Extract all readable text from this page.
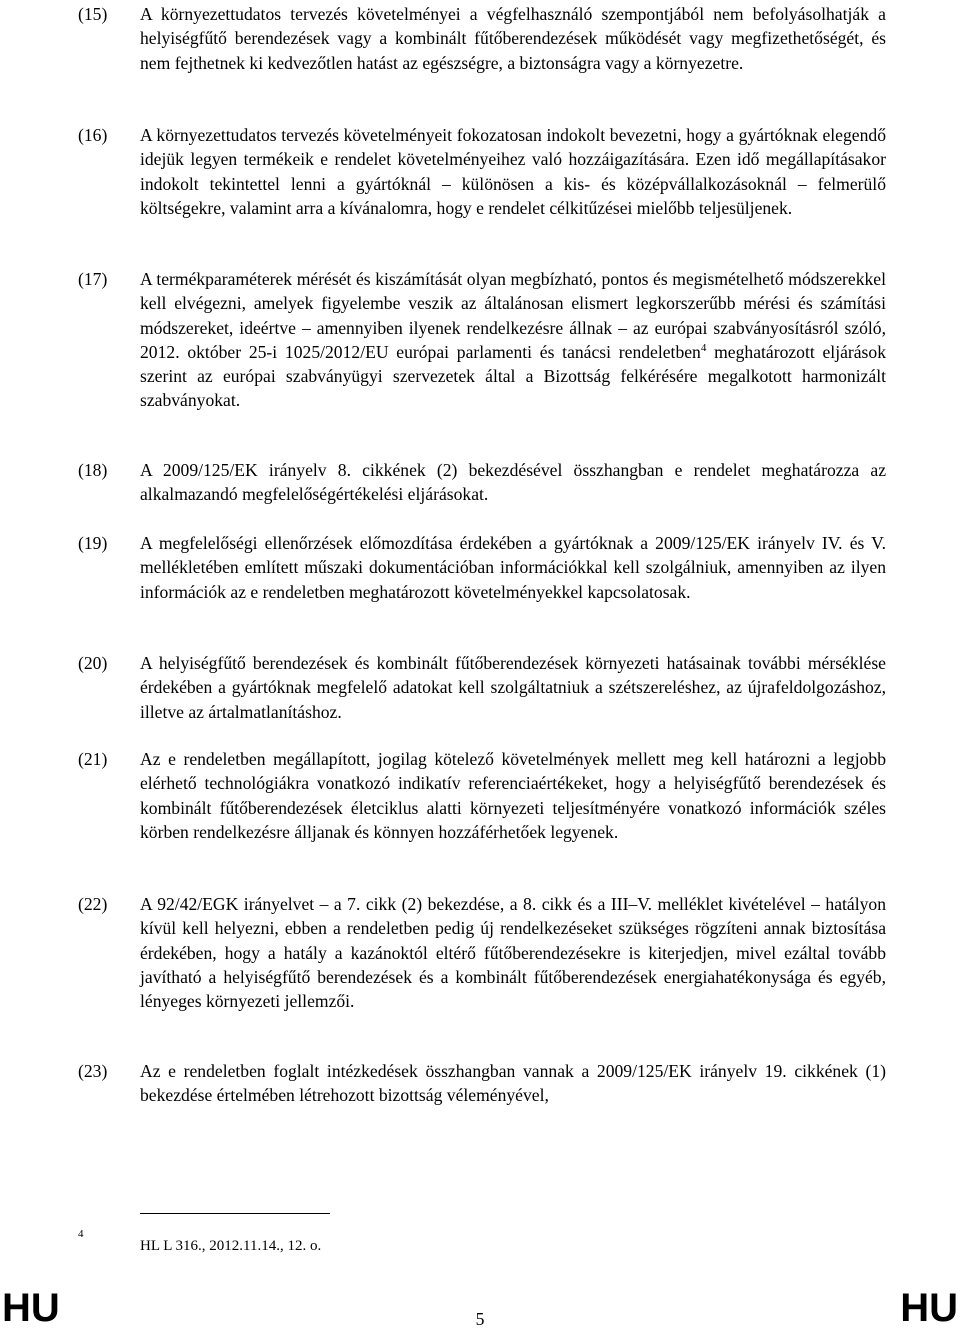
(15)	A környezettudatos tervezés követelményei a végfelhasználó szempontjából nem befolyásolhatják a helyiségfűtő berendezések vagy a kombinált fűtőberendezések működését vagy megfizethetőségét, és nem fejthetnek ki kedvezőtlen hatást az egészségre, a biztonságra vagy a környezetre.
(16)	A környezettudatos tervezés követelményeit fokozatosan indokolt bevezetni, hogy a gyártóknak elegendő idejük legyen termékeik e rendelet követelményeihez való hozzáigazítására. Ezen idő megállapításakor indokolt tekintettel lenni a gyártóknál – különösen a kis- és középvállalkozásoknál – felmerülő költségekre, valamint arra a kívánalomra, hogy e rendelet célkitűzései mielőbb teljesüljenek.
(17)	A termékparaméterek mérését és kiszámítását olyan megbízható, pontos és megismételhető módszerekkel kell elvégezni, amelyek figyelembe veszik az általánosan elismert legkorszerűbb mérési és számítási módszereket, ideértve – amennyiben ilyenek rendelkezésre állnak – az európai szabványosításról szóló, 2012. október 25-i 1025/2012/EU európai parlamenti és tanácsi rendeletben$^4$ meghatározott eljárások szerint az európai szabványügyi szervezetek által a Bizottság felkérésére megalkotott harmonizált szabványokat.
(18)	A 2009/125/EK irányelv 8. cikkének (2) bekezdésével összhangban e rendelet meghatározza az alkalmazandó megfelelőségértékelési eljárásokat.
(19)	A megfelelőségi ellenőrzések előmozdítása érdekében a gyártóknak a 2009/125/EK irányelv IV. és V. mellékletében említett műszaki dokumentációban információkkal kell szolgálniuk, amennyiben az ilyen információk az e rendeletben meghatározott követelményekkel kapcsolatosak.
(20)	A helyiségfűtő berendezések és kombinált fűtőberendezések környezeti hatásainak további mérséklése érdekében a gyártóknak megfelelő adatokat kell szolgáltatniuk a szétszereléshez, az újrafeldolgozáshoz, illetve az ártalmatlanításhoz.
(21)	Az e rendeletben megállapított, jogilag kötelező követelmények mellett meg kell határozni a legjobb elérhető technológiákra vonatkozó indikatív referenciaértékeket, hogy a helyiségfűtő berendezések és kombinált fűtőberendezések életciklus alatti környezeti teljesítményére vonatkozó információk széles körben rendelkezésre álljanak és könnyen hozzáférhetőek legyenek.
(22)	A 92/42/EGK irányelvet – a 7. cikk (2) bekezdése, a 8. cikk és a III–V. melléklet kivételével – hatályon kívül kell helyezni, ebben a rendeletben pedig új rendelkezéseket szükséges rögzíteni annak biztosítása érdekében, hogy a hatály a kazánoktól eltérő fűtőberendezésekre is kiterjedjen, mivel ezáltal tovább javítható a helyiségfűtő berendezések és a kombinált fűtőberendezések energiahatékonysága és egyéb, lényeges környezeti jellemzői.
(23)	Az e rendeletben foglalt intézkedések összhangban vannak a 2009/125/EK irányelv 19. cikkének (1) bekezdése értelmében létrehozott bizottság véleményével,
4
HL L 316., 2012.11.14., 12. o.
HU	5	HU
